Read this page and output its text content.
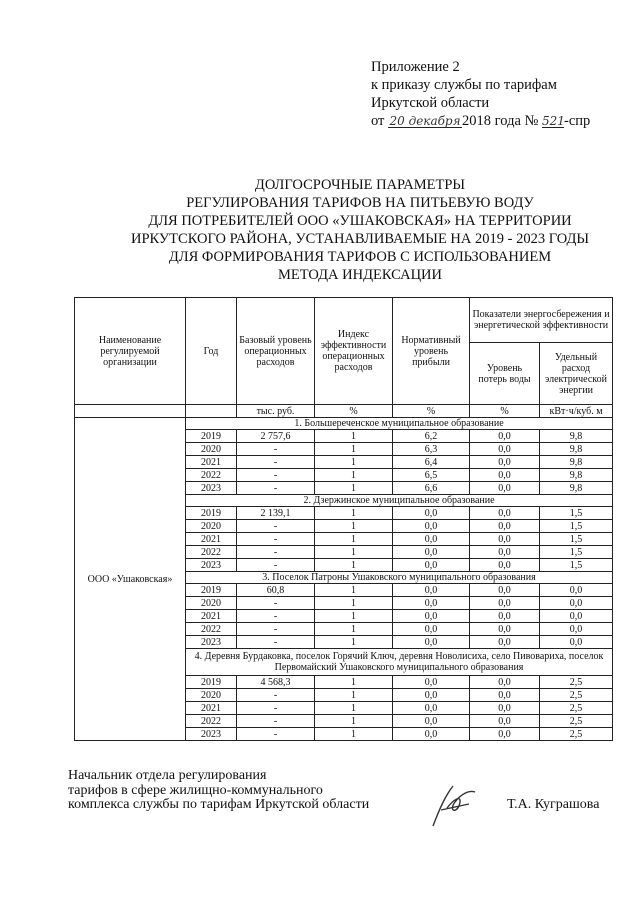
Приложение 2
к приказу службы по тарифам
Иркутской области
от 20 декабря2018 года № 521-спр
ДОЛГОСРОЧНЫЕ ПАРАМЕТРЫ
РЕГУЛИРОВАНИЯ ТАРИФОВ НА ПИТЬЕВУЮ ВОДУ
ДЛЯ ПОТРЕБИТЕЛЕЙ ООО «УШАКОВСКАЯ» НА ТЕРРИТОРИИ
ИРКУТСКОГО РАЙОНА, УСТАНАВЛИВАЕМЫЕ НА 2019 - 2023 ГОДЫ
ДЛЯ ФОРМИРОВАНИЯ ТАРИФОВ С ИСПОЛЬЗОВАНИЕМ
МЕТОДА ИНДЕКСАЦИИ
Наименование регулируемой организации	Год	Базовый уровень операционных расходов	Индекс эффективности операционных расходов	Нормативный уровень прибыли	Показатели энергосбережения и энергетической эффективности	
					Уровень потерь воды	Удельный расход электрической энергии
		тыс. руб.	%	%	%	кВт·ч/куб. м
ООО «Ушаковская»	1. Большереченское муниципальное образование					
	2019	2 757,6	1	6,2	0,0	9,8
	2020	-	1	6,3	0,0	9,8
	2021	-	1	6,4	0,0	9,8
	2022	-	1	6,5	0,0	9,8
	2023	-	1	6,6	0,0	9,8
	2. Дзержинское муниципальное образование					
	2019	2 139,1	1	0,0	0,0	1,5
	2020	-	1	0,0	0,0	1,5
	2021	-	1	0,0	0,0	1,5
	2022	-	1	0,0	0,0	1,5
	2023	-	1	0,0	0,0	1,5
	3. Поселок Патроны Ушаковского муниципального образования					
	2019	60,8	1	0,0	0,0	0,0
	2020	-	1	0,0	0,0	0,0
	2021	-	1	0,0	0,0	0,0
	2022	-	1	0,0	0,0	0,0
	2023	-	1	0,0	0,0	0,0
	4. Деревня Бурдаковка, поселок Горячий Ключ, деревня Новолисиха, село Пивовариха, поселок Первомайский Ушаковского муниципального образования					
	2019	4 568,3	1	0,0	0,0	2,5
	2020	-	1	0,0	0,0	2,5
	2021	-	1	0,0	0,0	2,5
	2022	-	1	0,0	0,0	2,5
	2023	-	1	0,0	0,0	2,5
Начальник отдела регулирования
тарифов в сфере жилищно-коммунального
комплекса службы по тарифам Иркутской области	Т.А. Куграшова
